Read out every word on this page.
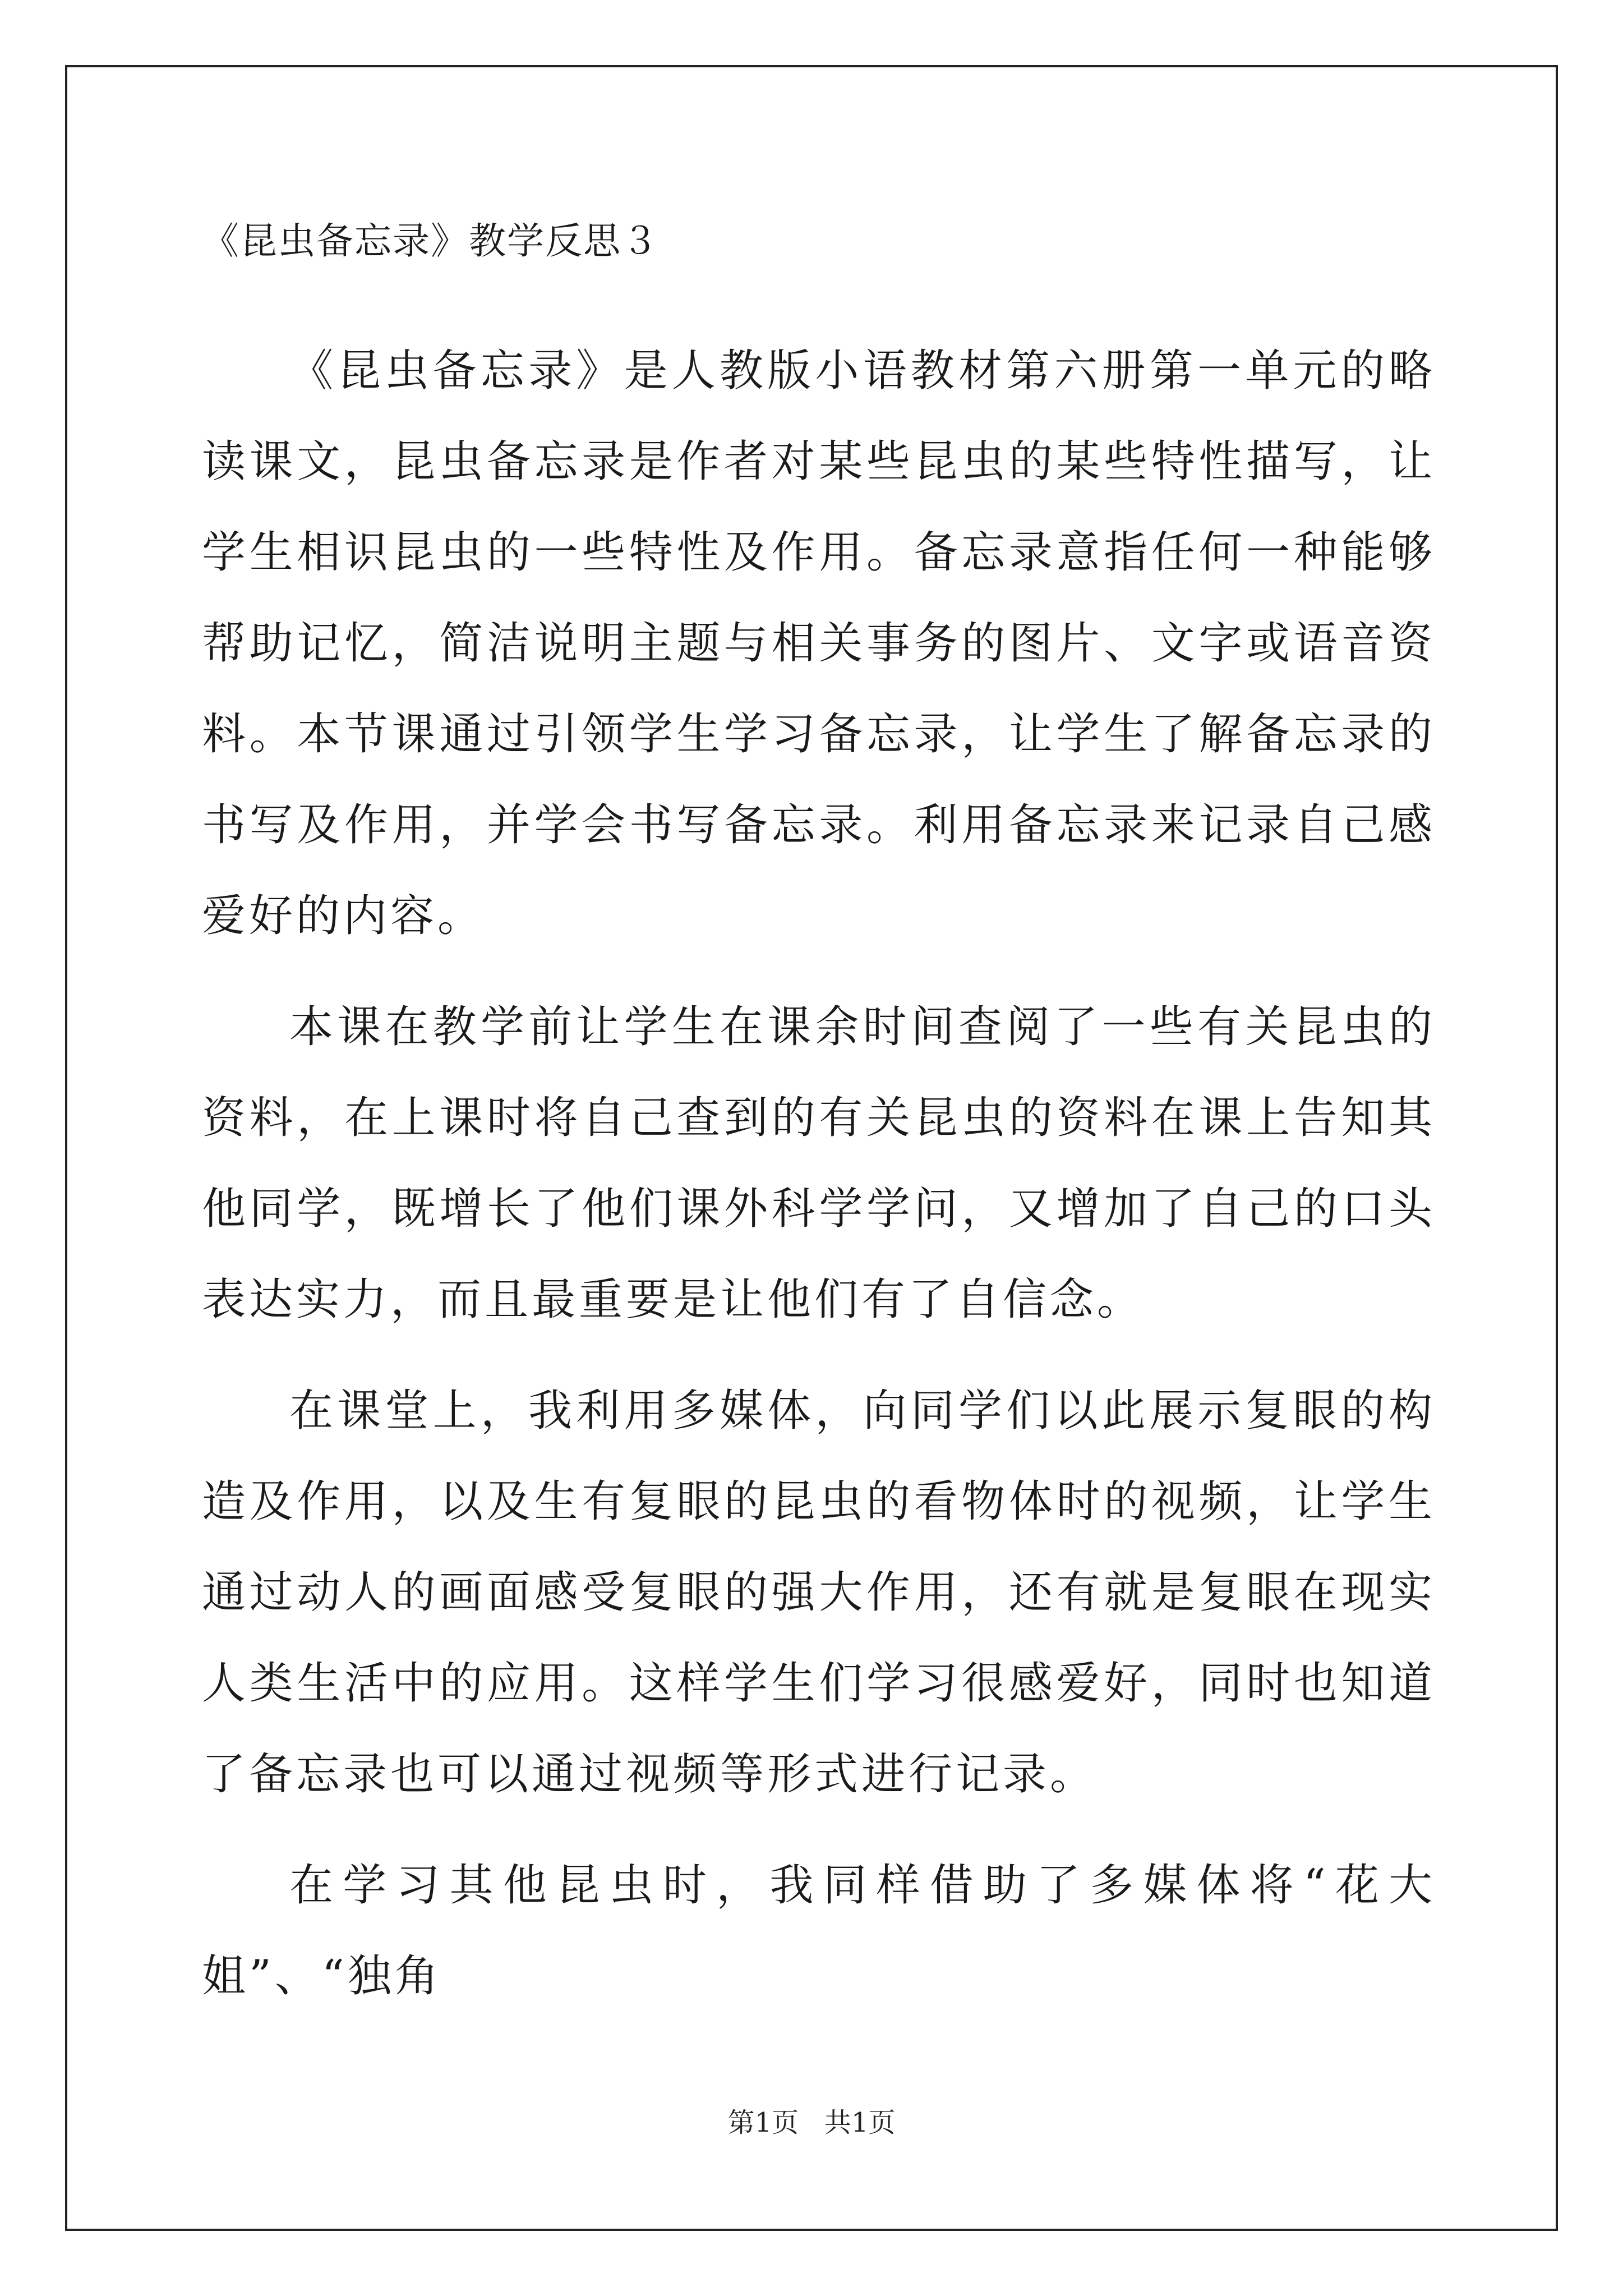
《昆虫备忘录》教学反思３

《昆虫备忘录》是人教版小语教材第六册第一单元的略读课文，昆虫备忘录是作者对某些昆虫的某些特性描写，让学生相识昆虫的一些特性及作用。备忘录意指任何一种能够帮助记忆，简洁说明主题与相关事务的图片、文字或语音资料。本节课通过引领学生学习备忘录，让学生了解备忘录的书写及作用，并学会书写备忘录。利用备忘录来记录自己感爱好的内容。

本课在教学前让学生在课余时间查阅了一些有关昆虫的资料，在上课时将自己查到的有关昆虫的资料在课上告知其他同学，既增长了他们课外科学学问，又增加了自己的口头表达实力，而且最重要是让他们有了自信念。

在课堂上，我利用多媒体，向同学们以此展示复眼的构造及作用，以及生有复眼的昆虫的看物体时的视频，让学生通过动人的画面感受复眼的强大作用，还有就是复眼在现实人类生活中的应用。这样学生们学习很感爱好，同时也知道了备忘录也可以通过视频等形式进行记录。

在学习其他昆虫时，我同样借助了多媒体将“花大姐”、“独角

第1页   共1页
